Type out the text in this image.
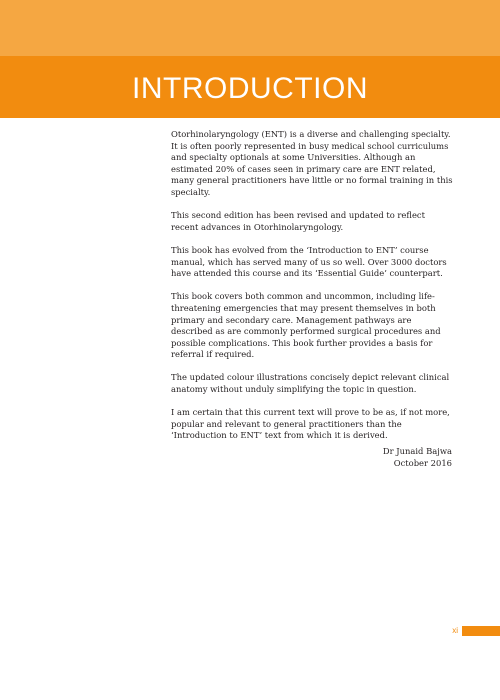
INTRODUCTION

Otorhinolaryngology (ENT) is a diverse and challenging specialty. It is often poorly represented in busy medical school curriculums and specialty optionals at some Universities. Although an estimated 20% of cases seen in primary care are ENT related, many general practitioners have little or no formal training in this specialty.

This second edition has been revised and updated to reflect recent advances in Otorhinolaryngology.

This book has evolved from the ‘Introduction to ENT’ course manual, which has served many of us so well. Over 3000 doctors have attended this course and its ‘Essential Guide’ counterpart.

This book covers both common and uncommon, including life-threatening emergencies that may present themselves in both primary and secondary care. Management pathways are described as are commonly performed surgical procedures and possible complications. This book further provides a basis for referral if required.

The updated colour illustrations concisely depict relevant clinical anatomy without unduly simplifying the topic in question.

I am certain that this current text will prove to be as, if not more, popular and relevant to general practitioners than the ‘Introduction to ENT’ text from which it is derived.

Dr Junaid Bajwa
October 2016
xi
